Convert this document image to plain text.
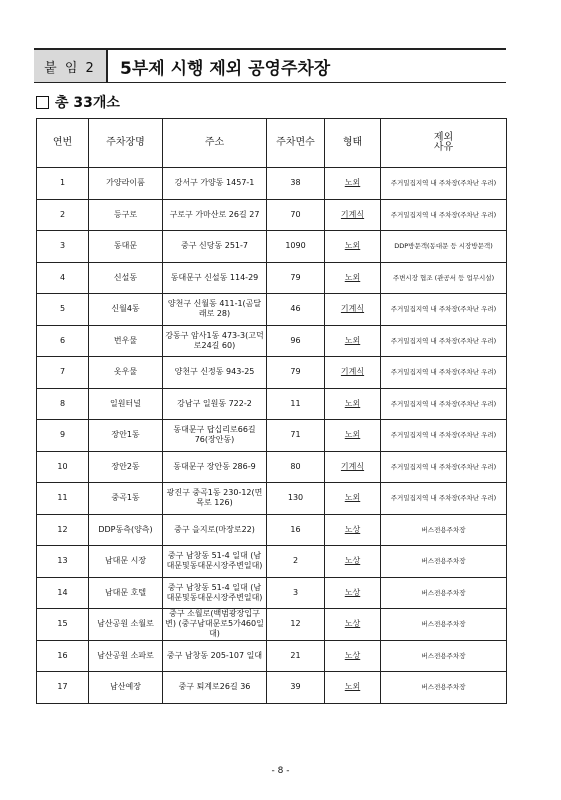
붙 임 2	5부제 시행 제외 공영주차장
총 33개소
연번	주차장명	주소	주차면수	형태	제외
사유
1	가양라이품	강서구 가양동 1457-1	38	노외	주거밀집지역 내 주차장(주차난 우려)
2	등구로	구로구 가마산로 26길 27	70	기계식	주거밀집지역 내 주차장(주차난 우려)
3	동대문	중구 신당동 251-7	1090	노외	DDP방문객(동대문 등 시장방문객)
4	신설동	동대문구 신설동 114-29	79	노외	주변시장 협조 (관공서 등 업무시설)
5	신월4동	양천구 신월동 411-1(곰달래로 28)	46	기계식	주거밀집지역 내 주차장(주차난 우려)
6	번우물	강동구 암사1동 473-3(고덕로24길 60)	96	노외	주거밀집지역 내 주차장(주차난 우려)
7	옷우물	양천구 신정동 943-25	79	기계식	주거밀집지역 내 주차장(주차난 우려)
8	일원터널	강남구 일원동 722-2	11	노외	주거밀집지역 내 주차장(주차난 우려)
9	장안1동	동대문구 답십리로66길 76(장안동)	71	노외	주거밀집지역 내 주차장(주차난 우려)
10	장안2동	동대문구 장안동 286-9	80	기계식	주거밀집지역 내 주차장(주차난 우려)
11	중곡1동	광진구 중곡1동 230-12(면목로 126)	130	노외	주거밀집지역 내 주차장(주차난 우려)
12	DDP동측(양측)	중구 을지로(마장로22)	16	노상	버스전용주차장
13	남대문 시장	중구 남창동 51-4 일대 (남대문및동대문시장주변일대)	2	노상	버스전용주차장
14	남대문 호텔	중구 남창동 51-4 일대 (남대문및동대문시장주변일대)	3	노상	버스전용주차장
15	남산공원 소월로	중구 소월로(백범광장입구변) (중구남대문로5가460일대)	12	노상	버스전용주차장
16	남산공원 소파로	중구 남창동 205-107 일대	21	노상	버스전용주차장
17	남산예장	중구 퇴계로26길 36	39	노외	버스전용주차장
- 8 -
